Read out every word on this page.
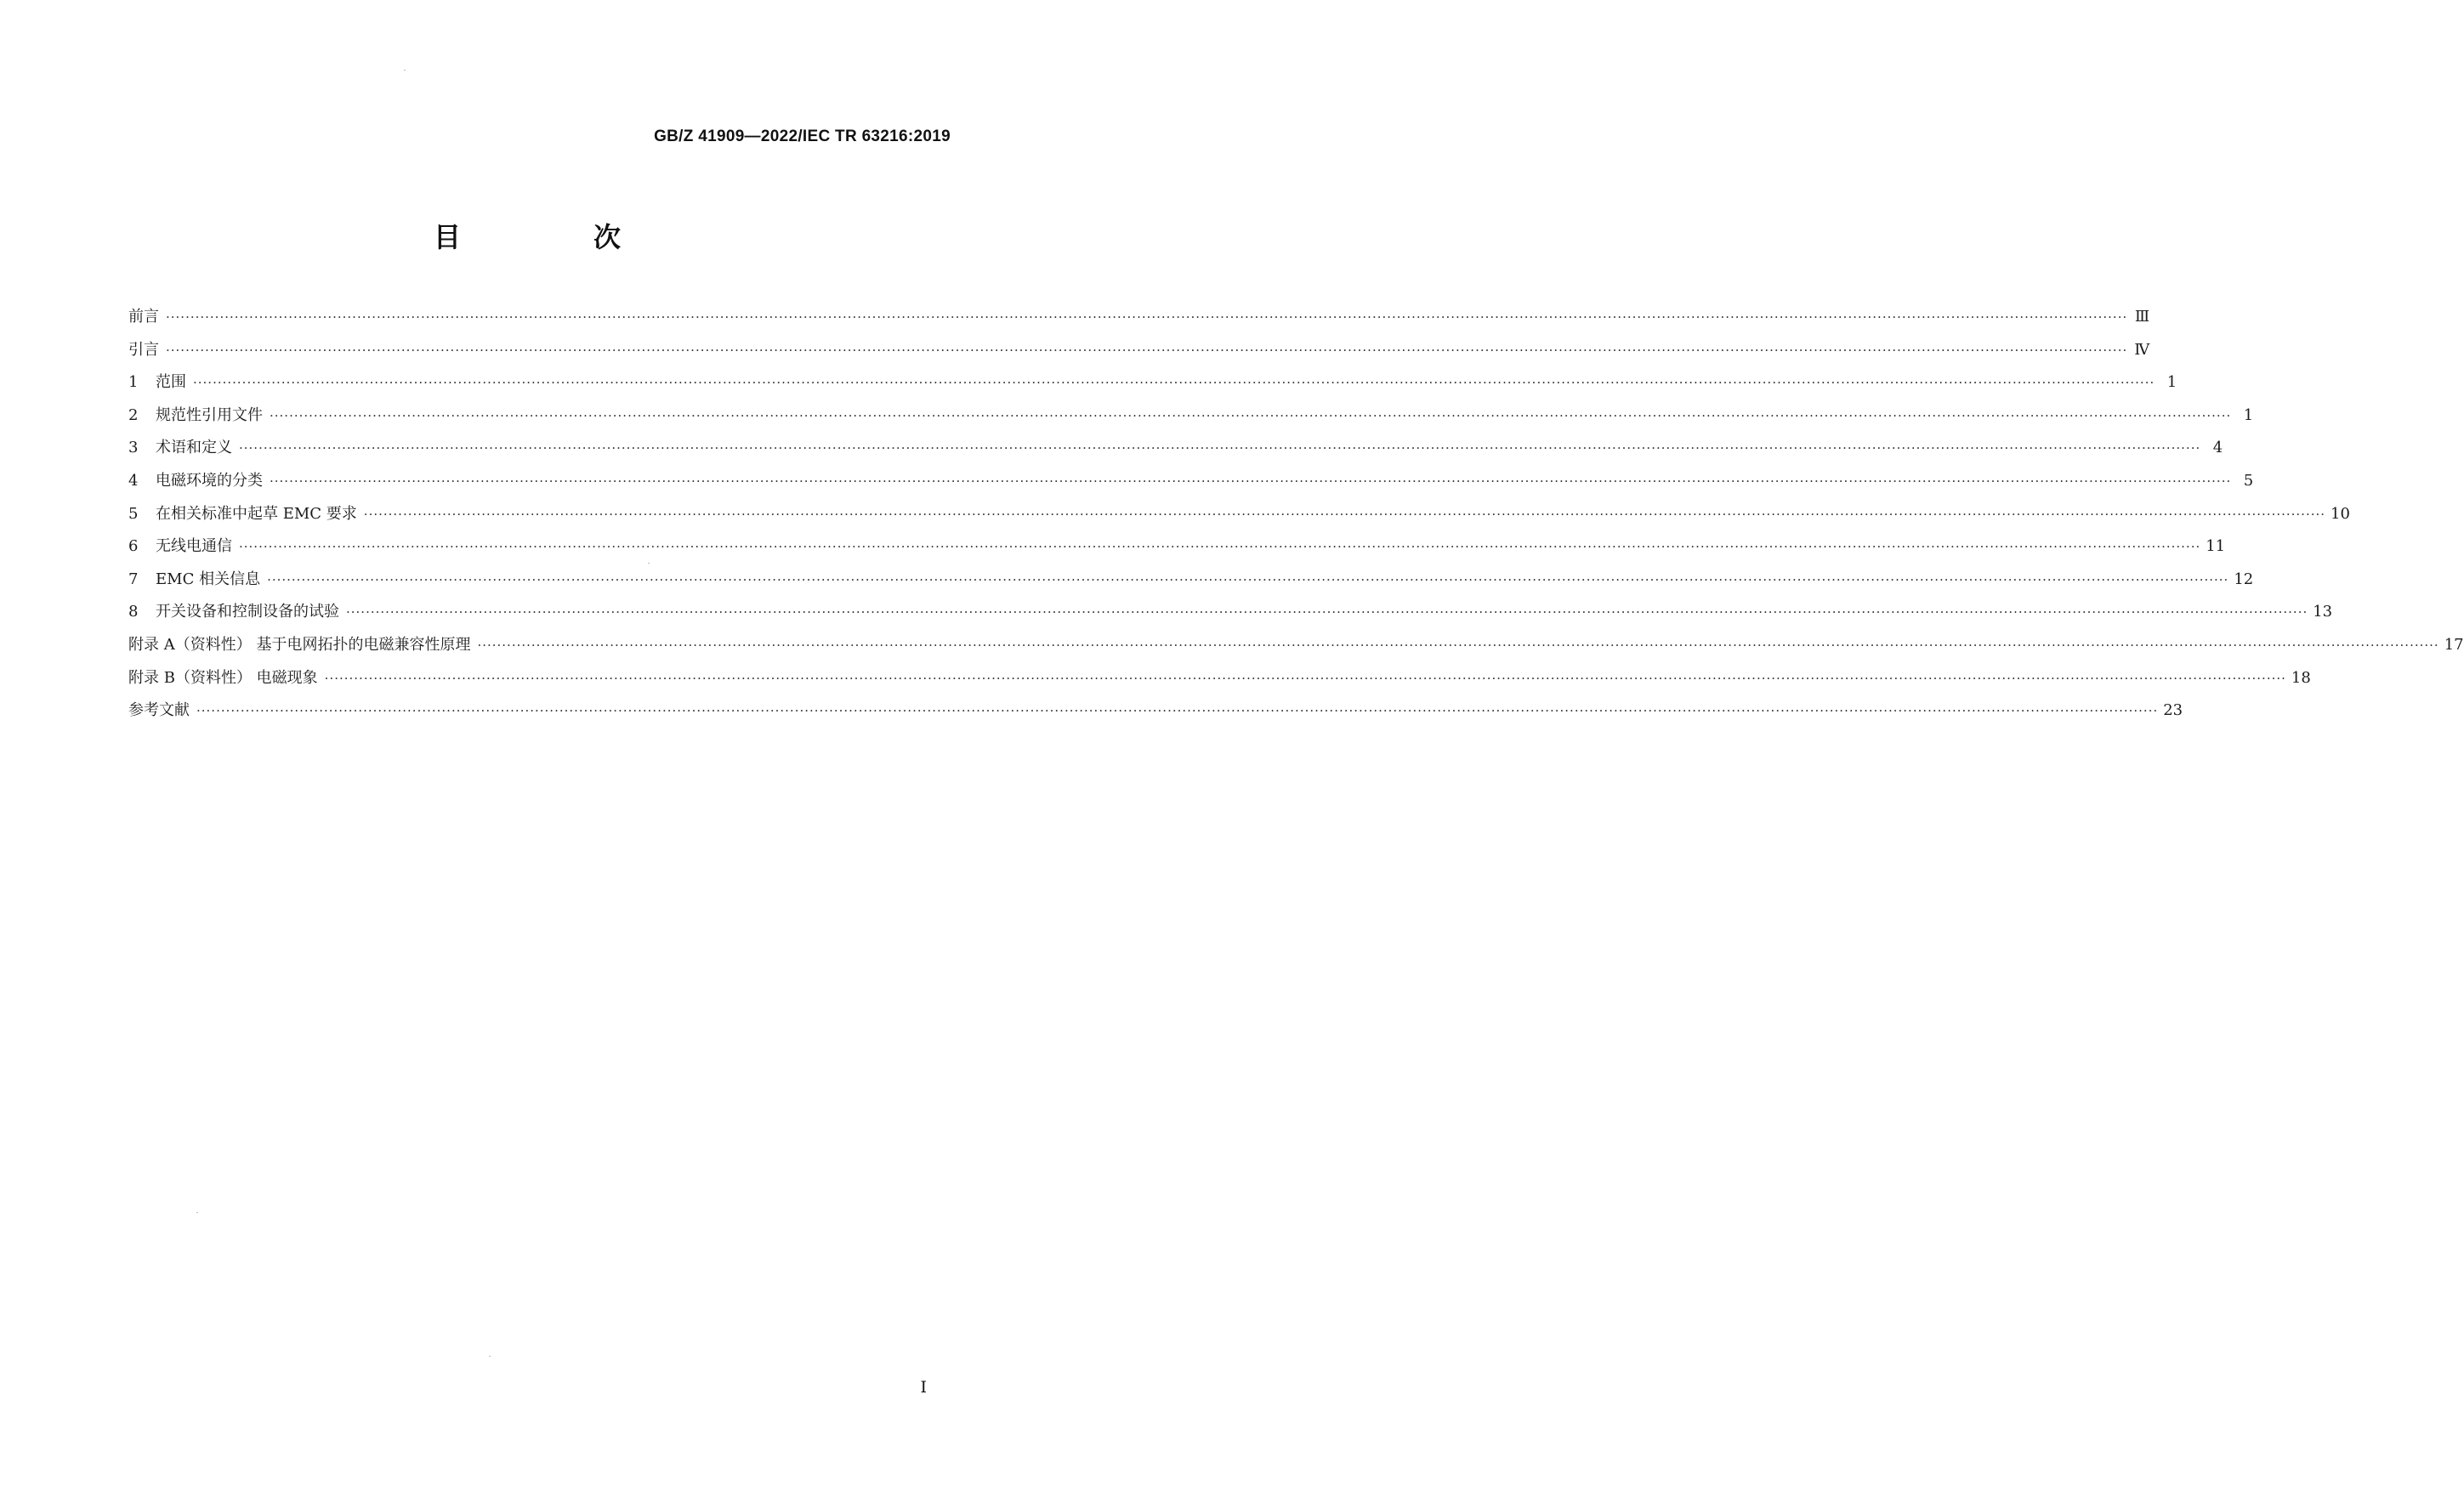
GB/Z 41909—2022/IEC TR 63216:2019
目　次
前言 ················································································································································································································································································································································································································ Ⅲ
引言 ················································································································································································································································································································································································································ Ⅳ
1	范围 ················································································································································································································································································································································································································ 1
2	规范性引用文件 ················································································································································································································································································································································································································ 1
3	术语和定义 ················································································································································································································································································································································································································ 4
4	电磁环境的分类 ················································································································································································································································································································································································································ 5
5	在相关标准中起草 EMC 要求 ················································································································································································································································································································································································································ 10
6	无线电通信 ················································································································································································································································································································································································································ 11
7	EMC 相关信息 ················································································································································································································································································································································································································ 12
8	开关设备和控制设备的试验 ················································································································································································································································································································································································································ 13
附录 A（资料性） 基于电网拓扑的电磁兼容性原理 ················································································································································································································································································································································································································ 17
附录 B（资料性） 电磁现象 ················································································································································································································································································································································································································ 18
参考文献 ················································································································································································································································································································································································································ 23
I
